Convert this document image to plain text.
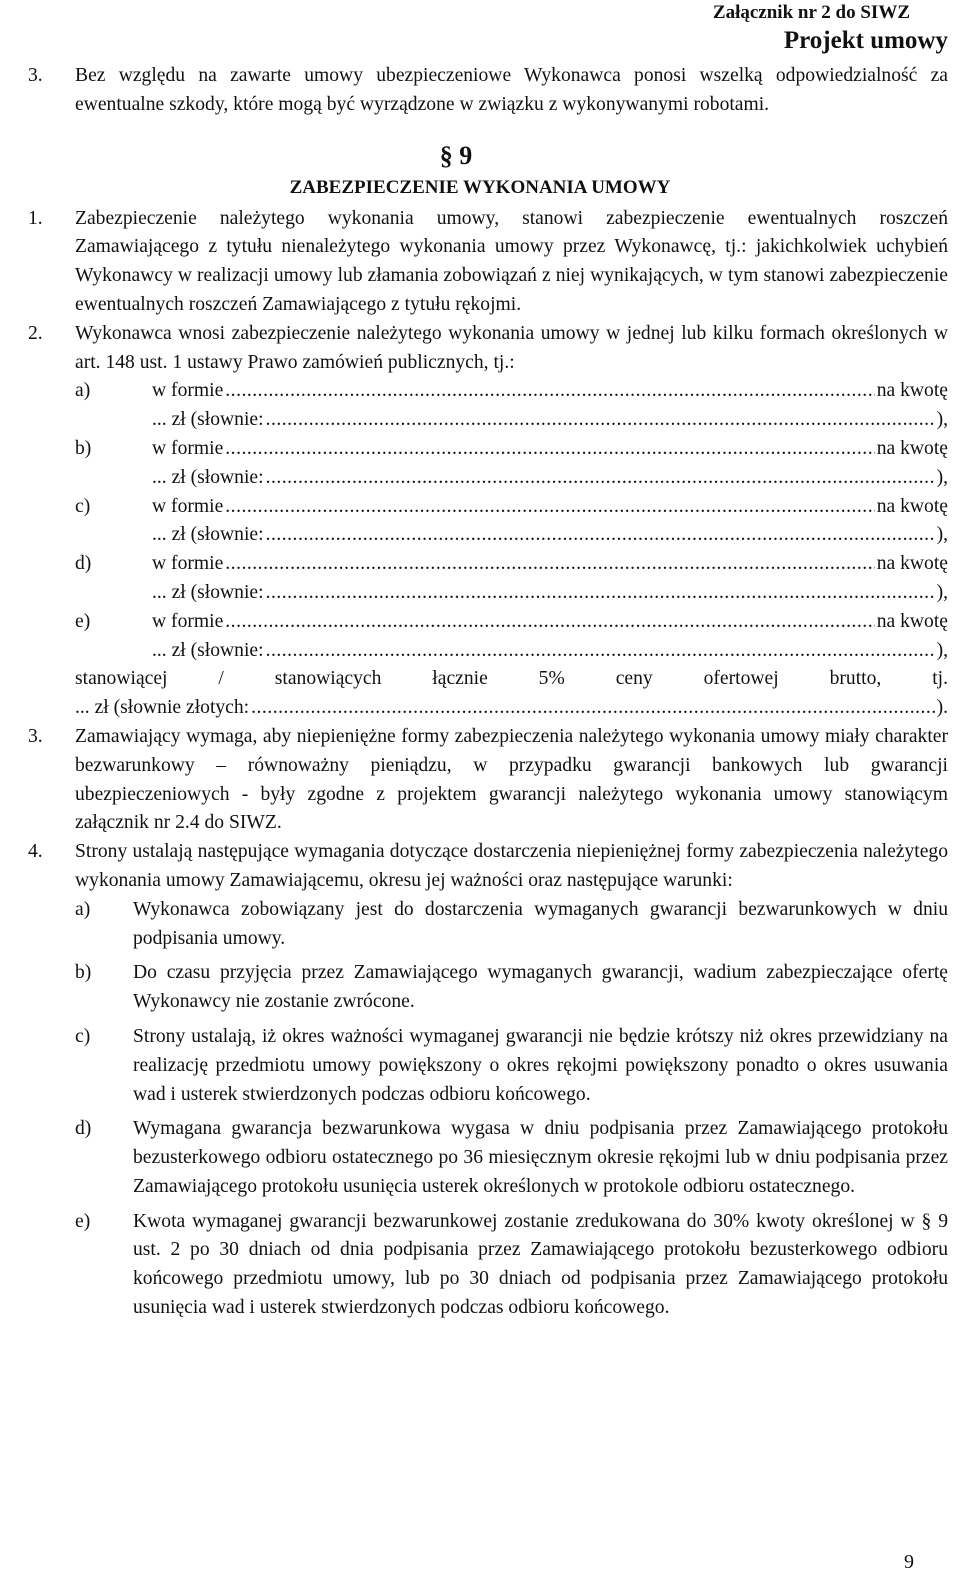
Załącznik nr 2 do SIWZ
Projekt umowy
3.	Bez względu na zawarte umowy ubezpieczeniowe Wykonawca ponosi wszelką odpowiedzialność za ewentualne szkody, które mogą być wyrządzone w związku z wykonywanymi robotami.
§ 9
ZABEZPIECZENIE WYKONANIA UMOWY
1.	Zabezpieczenie należytego wykonania umowy, stanowi zabezpieczenie ewentualnych roszczeń Zamawiającego z tytułu nienależytego wykonania umowy przez Wykonawcę, tj.: jakichkolwiek uchybień Wykonawcy w realizacji umowy lub złamania zobowiązań z niej wynikających, w tym stanowi zabezpieczenie ewentualnych roszczeń Zamawiającego z tytułu rękojmi.
2.	Wykonawca wnosi zabezpieczenie należytego wykonania umowy w jednej lub kilku formach określonych w art. 148 ust. 1 ustawy Prawo zamówień publicznych, tj.:
a)	w formie .....	na kwotę
... zł (słownie: .....	),
b)	w formie .....	na kwotę
... zł (słownie: .....	),
c)	w formie .....	na kwotę
... zł (słownie: .....	),
d)	w formie .....	na kwotę
... zł (słownie: .....	),
e)	w formie .....	na kwotę
... zł (słownie: .....	),
stanowiącej / stanowiących łącznie 5% ceny ofertowej brutto, tj.
... zł (słownie złotych: .....	).
3.	Zamawiający wymaga, aby niepieniężne formy zabezpieczenia należytego wykonania umowy miały charakter bezwarunkowy – równoważny pieniądzu, w przypadku gwarancji bankowych lub gwarancji ubezpieczeniowych - były zgodne z projektem gwarancji należytego wykonania umowy stanowiącym załącznik nr 2.4 do SIWZ.
4.	Strony ustalają następujące wymagania dotyczące dostarczenia niepieniężnej formy zabezpieczenia należytego wykonania umowy Zamawiającemu, okresu jej ważności oraz następujące warunki:
a) Wykonawca zobowiązany jest do dostarczenia wymaganych gwarancji bezwarunkowych w dniu podpisania umowy.
b) Do czasu przyjęcia przez Zamawiającego wymaganych gwarancji, wadium zabezpieczające ofertę Wykonawcy nie zostanie zwrócone.
c) Strony ustalają, iż okres ważności wymaganej gwarancji nie będzie krótszy niż okres przewidziany na realizację przedmiotu umowy powiększony o okres rękojmi powiększony ponadto o okres usuwania wad i usterek stwierdzonych podczas odbioru końcowego.
d) Wymagana gwarancja bezwarunkowa wygasa w dniu podpisania przez Zamawiającego protokołu bezusterkowego odbioru ostatecznego po 36 miesięcznym okresie rękojmi lub w dniu podpisania przez Zamawiającego protokołu usunięcia usterek określonych w protokole odbioru ostatecznego.
e) Kwota wymaganej gwarancji bezwarunkowej zostanie zredukowana do 30% kwoty określonej w § 9 ust. 2 po 30 dniach od dnia podpisania przez Zamawiającego protokołu bezusterkowego odbioru końcowego przedmiotu umowy, lub po 30 dniach od podpisania przez Zamawiającego protokołu usunięcia wad i usterek stwierdzonych podczas odbioru końcowego.
9
